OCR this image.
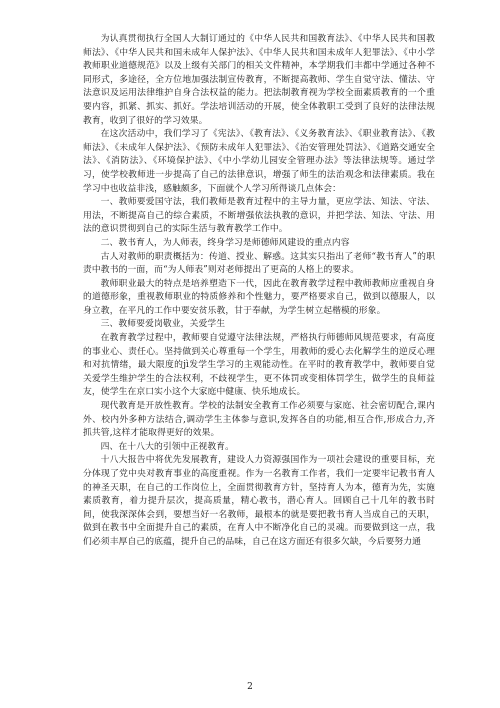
为认真贯彻执行全国人大制订通过的《中华人民共和国教育法》、《中华人民共和国教师法》、《中华人民共和国未成年人保护法》、《中华人民共和国未成年人犯罪法》、《中小学教师职业道德规范》以及上级有关部门的相关文件精神，本学期我们丰都中学通过各种不同形式，多途径，全方位地加强法制宣传教育，不断提高教师、学生自觉守法、懂法、守法意识及运用法律维护自身合法权益的能力。把法制教育视为学校全面素质教育的一个重要内容，抓紧、抓实、抓好。学法培训活动的开展，使全体教职工受到了良好的法律法规教育，收到了很好的学习效果。

在这次活动中，我们学习了《宪法》、《教育法》、《义务教育法》、《职业教育法》、《教师法》、《未成年人保护法》、《预防未成年人犯罪法》、《治安管理处罚法》、《道路交通安全法》、《消防法》、《环境保护法》、《中小学幼儿园安全管理办法》等法律法规等。通过学习，使学校教师进一步提高了自己的法律意识，增强了师生的法治观念和法律素质。我在学习中也收益非浅，感触颇多，下面就个人学习所得谈几点体会：

一、教师要爱国守法，我们教师是教育过程中的主导力量，更应学法、知法、守法、用法，不断提高自己的综合素质，不断增强依法执教的意识，并把学法、知法、守法、用法的意识贯彻到自己的实际生活与教育教学工作中。

二、教书育人，为人师表，终身学习是师德师风建设的重点内容

古人对教师的职责概括为：传道、授业、解惑。这其实只指出了老师“教书育人”的职责中教书的一面，而“为人师表”则对老师提出了更高的人格上的要求。

教师职业最大的特点是培养塑造下一代，因此在教育教学过程中教师教师应重视自身的道德形象，重视教师职业的特质修养和个性魅力，要严格要求自己，做到以德服人，以身立教，在平凡的工作中要安贫乐教，甘于奉献，为学生树立起楷模的形象。

三、教师要爱岗敬业，关爱学生

在教育教学过程中，教师要自觉遵守法律法规，严格执行师德师风规范要求，有高度的事业心、责任心。坚持做到关心尊重每一个学生，用教师的爱心去化解学生的逆反心理和对抗情绪，最大限度的jì发学生学习的主观能动性。在平时的教育教学中，教师要自觉关爱学生维护学生的合法权利，不歧视学生，更不体罚或变相体罚学生，做学生的良师益友，使学生在京口实小这个大家庭中健康、快乐地成长。

现代教育是开放性教育。学校的法制安全教育工作必须要与家庭、社会密切配合,课内外、校内外多种方法结合,调动学生主体参与意识,发挥各自的功能,相互合作,形成合力,齐抓共管,这样才能取得更好的效果。

四、在十八大的引领中正视教育。

十八大报告中将优先发展教育，建设人力资源强国作为一项社会建设的重要目标，充分体现了党中央对教育事业的高度重视。作为一名教育工作者，我们一定要牢记教书育人的神圣天职，在自己的工作岗位上，全面贯彻教育方针，坚持育人为本，德育为先，实施素质教育，着力提升层次，提高质量，精心教书，潜心育人。回顾自己十几年的教书时间，使我深深体会到，要想当好一名教师，最根本的就是要把教书育人当成自己的天职，做到在教书中全面提升自己的素质，在育人中不断净化自己的灵魂。而要做到这一点，我们必须丰厚自己的底蕴，提升自己的品味，自己在这方面还有很多欠缺，今后要努力通

2
